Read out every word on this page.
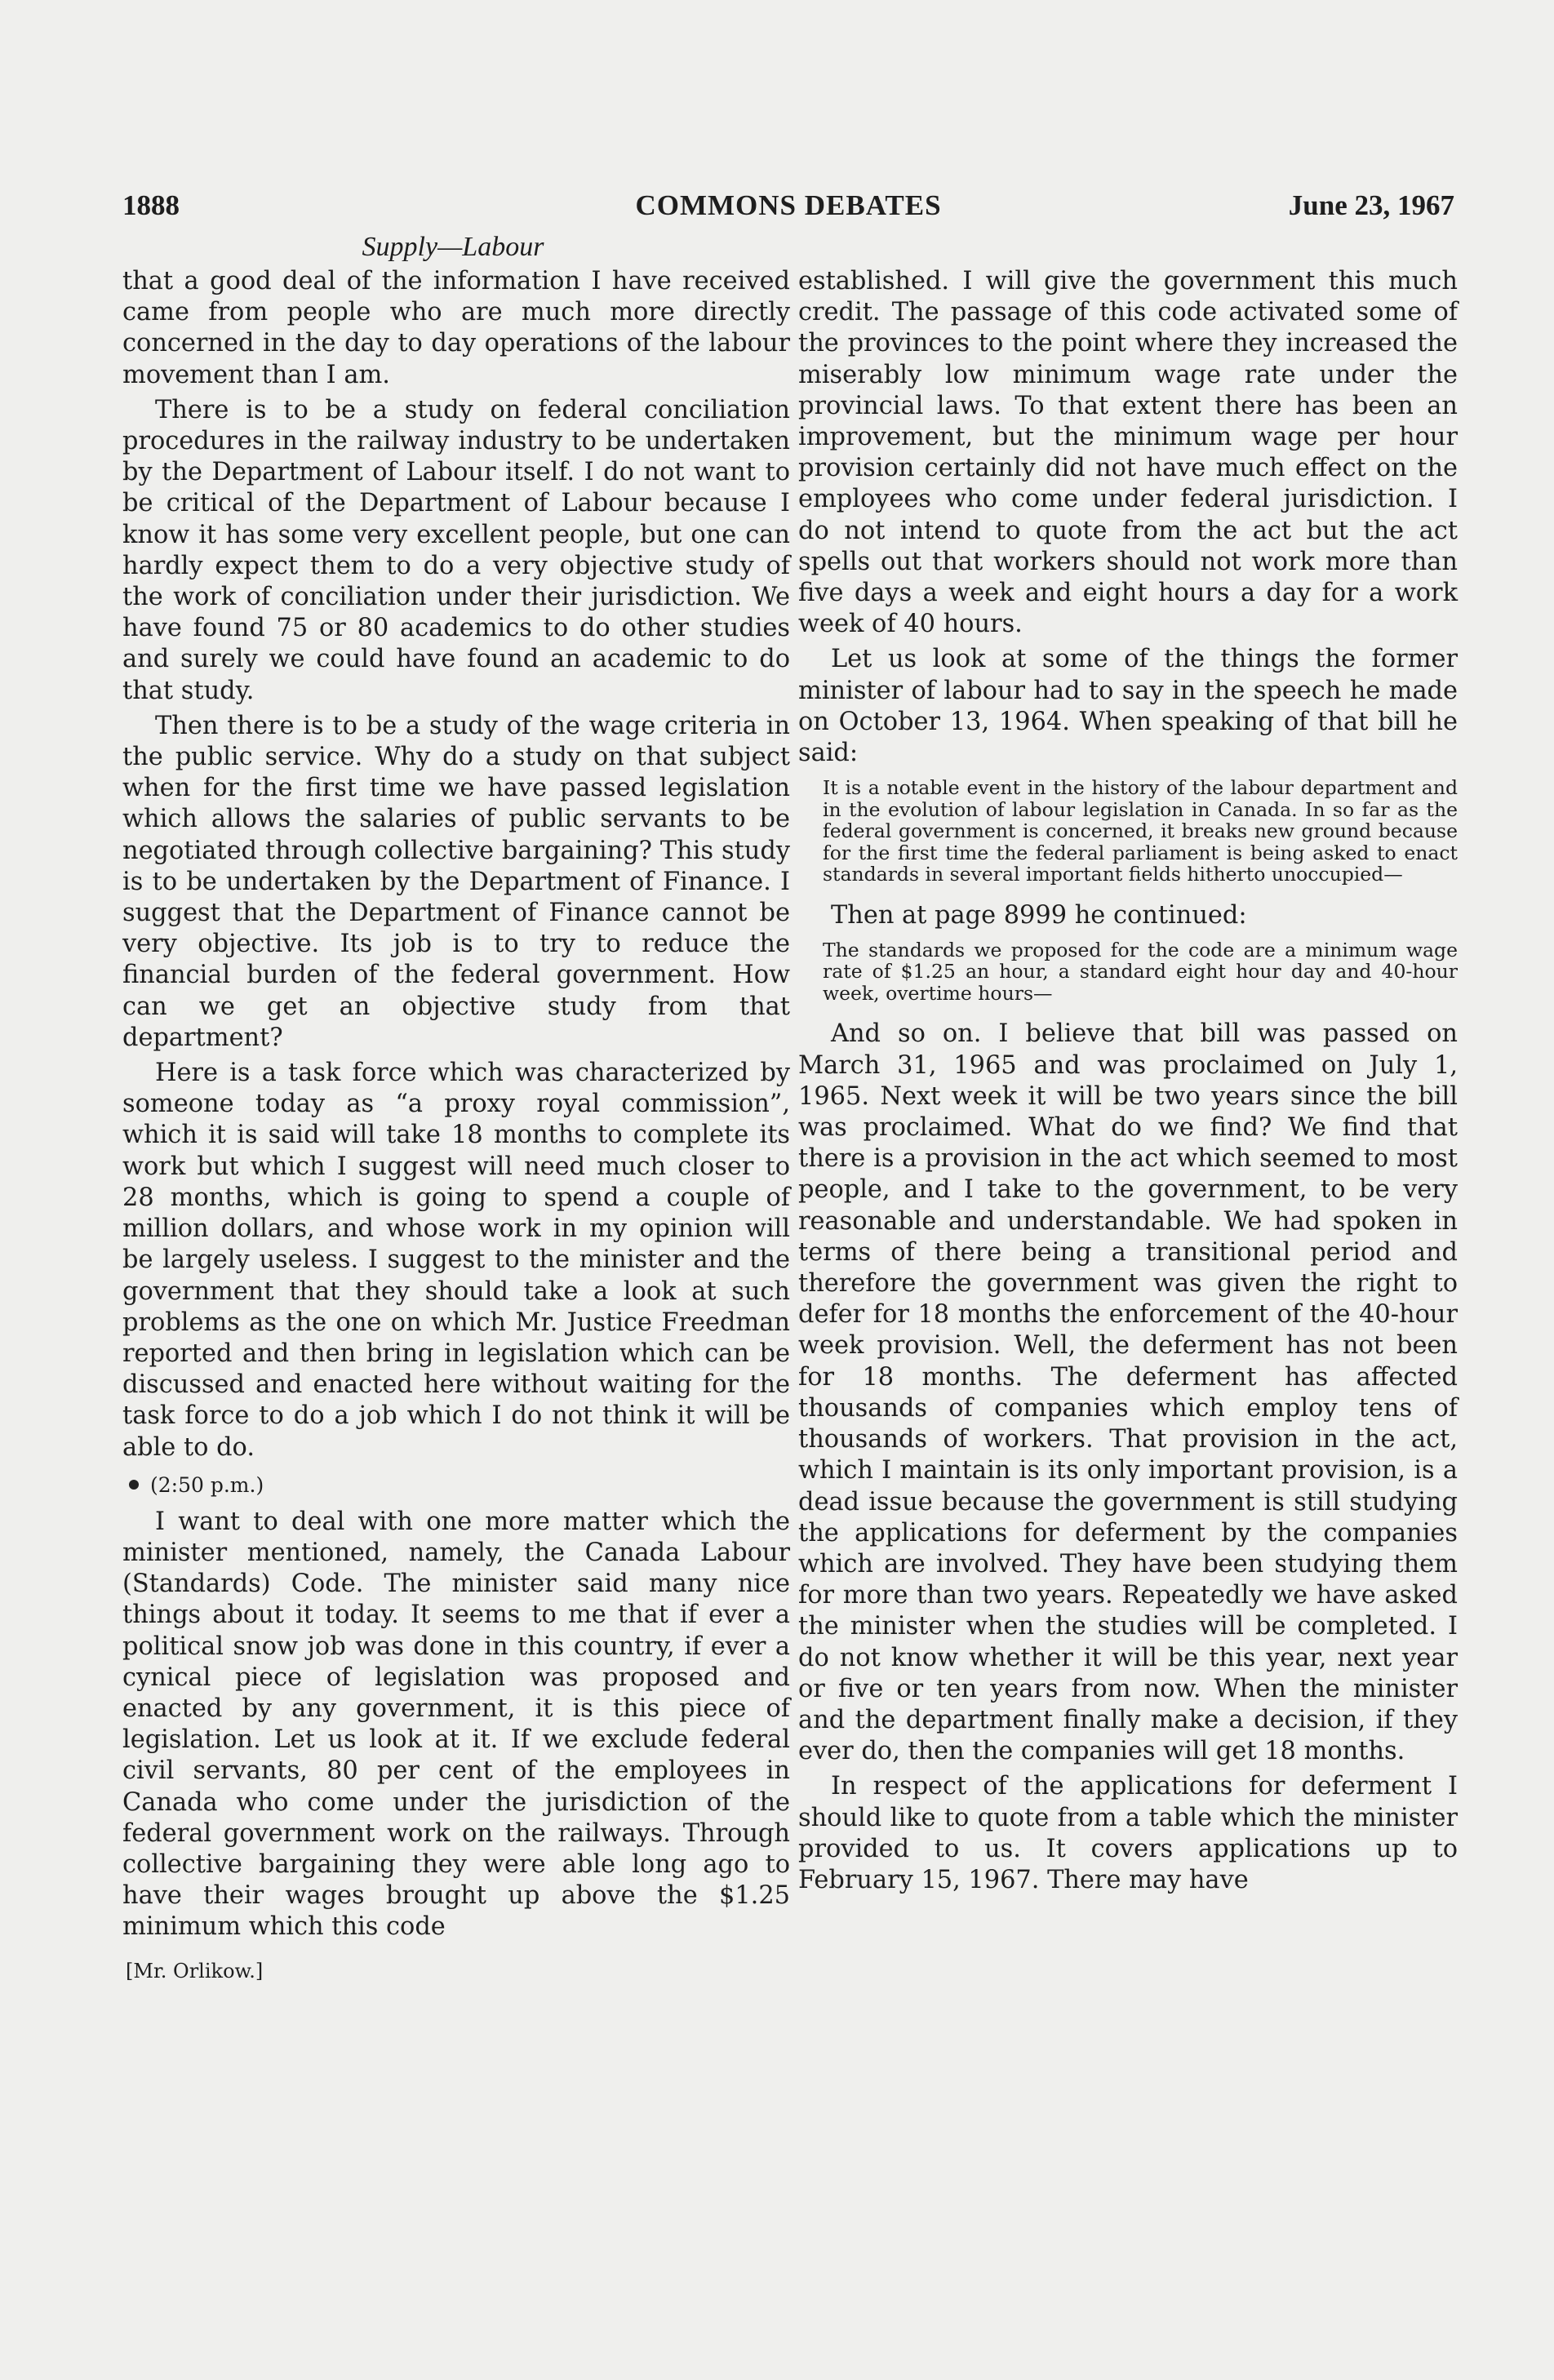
1888	COMMONS DEBATES	June 23, 1967
Supply—Labour

that a good deal of the information I have received came from people who are much more directly concerned in the day to day operations of the labour movement than I am.

There is to be a study on federal conciliation procedures in the railway industry to be undertaken by the Department of Labour itself. I do not want to be critical of the Department of Labour because I know it has some very excellent people, but one can hardly expect them to do a very objective study of the work of conciliation under their jurisdiction. We have found 75 or 80 academics to do other studies and surely we could have found an academic to do that study.

Then there is to be a study of the wage criteria in the public service. Why do a study on that subject when for the first time we have passed legislation which allows the salaries of public servants to be negotiated through collective bargaining? This study is to be undertaken by the Department of Finance. I suggest that the Department of Finance cannot be very objective. Its job is to try to reduce the financial burden of the federal government. How can we get an objective study from that department?

Here is a task force which was characterized by someone today as “a proxy royal commission”, which it is said will take 18 months to complete its work but which I suggest will need much closer to 28 months, which is going to spend a couple of million dollars, and whose work in my opinion will be largely useless. I suggest to the minister and the government that they should take a look at such problems as the one on which Mr. Justice Freedman reported and then bring in legislation which can be discussed and enacted here without waiting for the task force to do a job which I do not think it will be able to do.

(2:50 p.m.)

I want to deal with one more matter which the minister mentioned, namely, the Canada Labour (Standards) Code. The minister said many nice things about it today. It seems to me that if ever a political snow job was done in this country, if ever a cynical piece of legislation was proposed and enacted by any government, it is this piece of legislation. Let us look at it. If we exclude federal civil servants, 80 per cent of the employees in Canada who come under the jurisdiction of the federal government work on the railways. Through collective bargaining they were able long ago to have their wages brought up above the $1.25 minimum which this code

[Mr. Orlikow.]

established. I will give the government this much credit. The passage of this code activated some of the provinces to the point where they increased the miserably low minimum wage rate under the provincial laws. To that extent there has been an improvement, but the minimum wage per hour provision certainly did not have much effect on the employees who come under federal jurisdiction. I do not intend to quote from the act but the act spells out that workers should not work more than five days a week and eight hours a day for a work week of 40 hours.

Let us look at some of the things the former minister of labour had to say in the speech he made on October 13, 1964. When speaking of that bill he said:

It is a notable event in the history of the labour department and in the evolution of labour legislation in Canada. In so far as the federal government is concerned, it breaks new ground because for the first time the federal parliament is being asked to enact standards in several important fields hitherto unoccupied—

Then at page 8999 he continued:

The standards we proposed for the code are a minimum wage rate of $1.25 an hour, a standard eight hour day and 40-hour week, overtime hours—

And so on. I believe that bill was passed on March 31, 1965 and was proclaimed on July 1, 1965. Next week it will be two years since the bill was proclaimed. What do we find? We find that there is a provision in the act which seemed to most people, and I take to the government, to be very reasonable and understandable. We had spoken in terms of there being a transitional period and therefore the government was given the right to defer for 18 months the enforcement of the 40-hour week provision. Well, the deferment has not been for 18 months. The deferment has affected thousands of companies which employ tens of thousands of workers. That provision in the act, which I maintain is its only important provision, is a dead issue because the government is still studying the applications for deferment by the companies which are involved. They have been studying them for more than two years. Repeatedly we have asked the minister when the studies will be completed. I do not know whether it will be this year, next year or five or ten years from now. When the minister and the department finally make a decision, if they ever do, then the companies will get 18 months.

In respect of the applications for deferment I should like to quote from a table which the minister provided to us. It covers applications up to February 15, 1967. There may have
